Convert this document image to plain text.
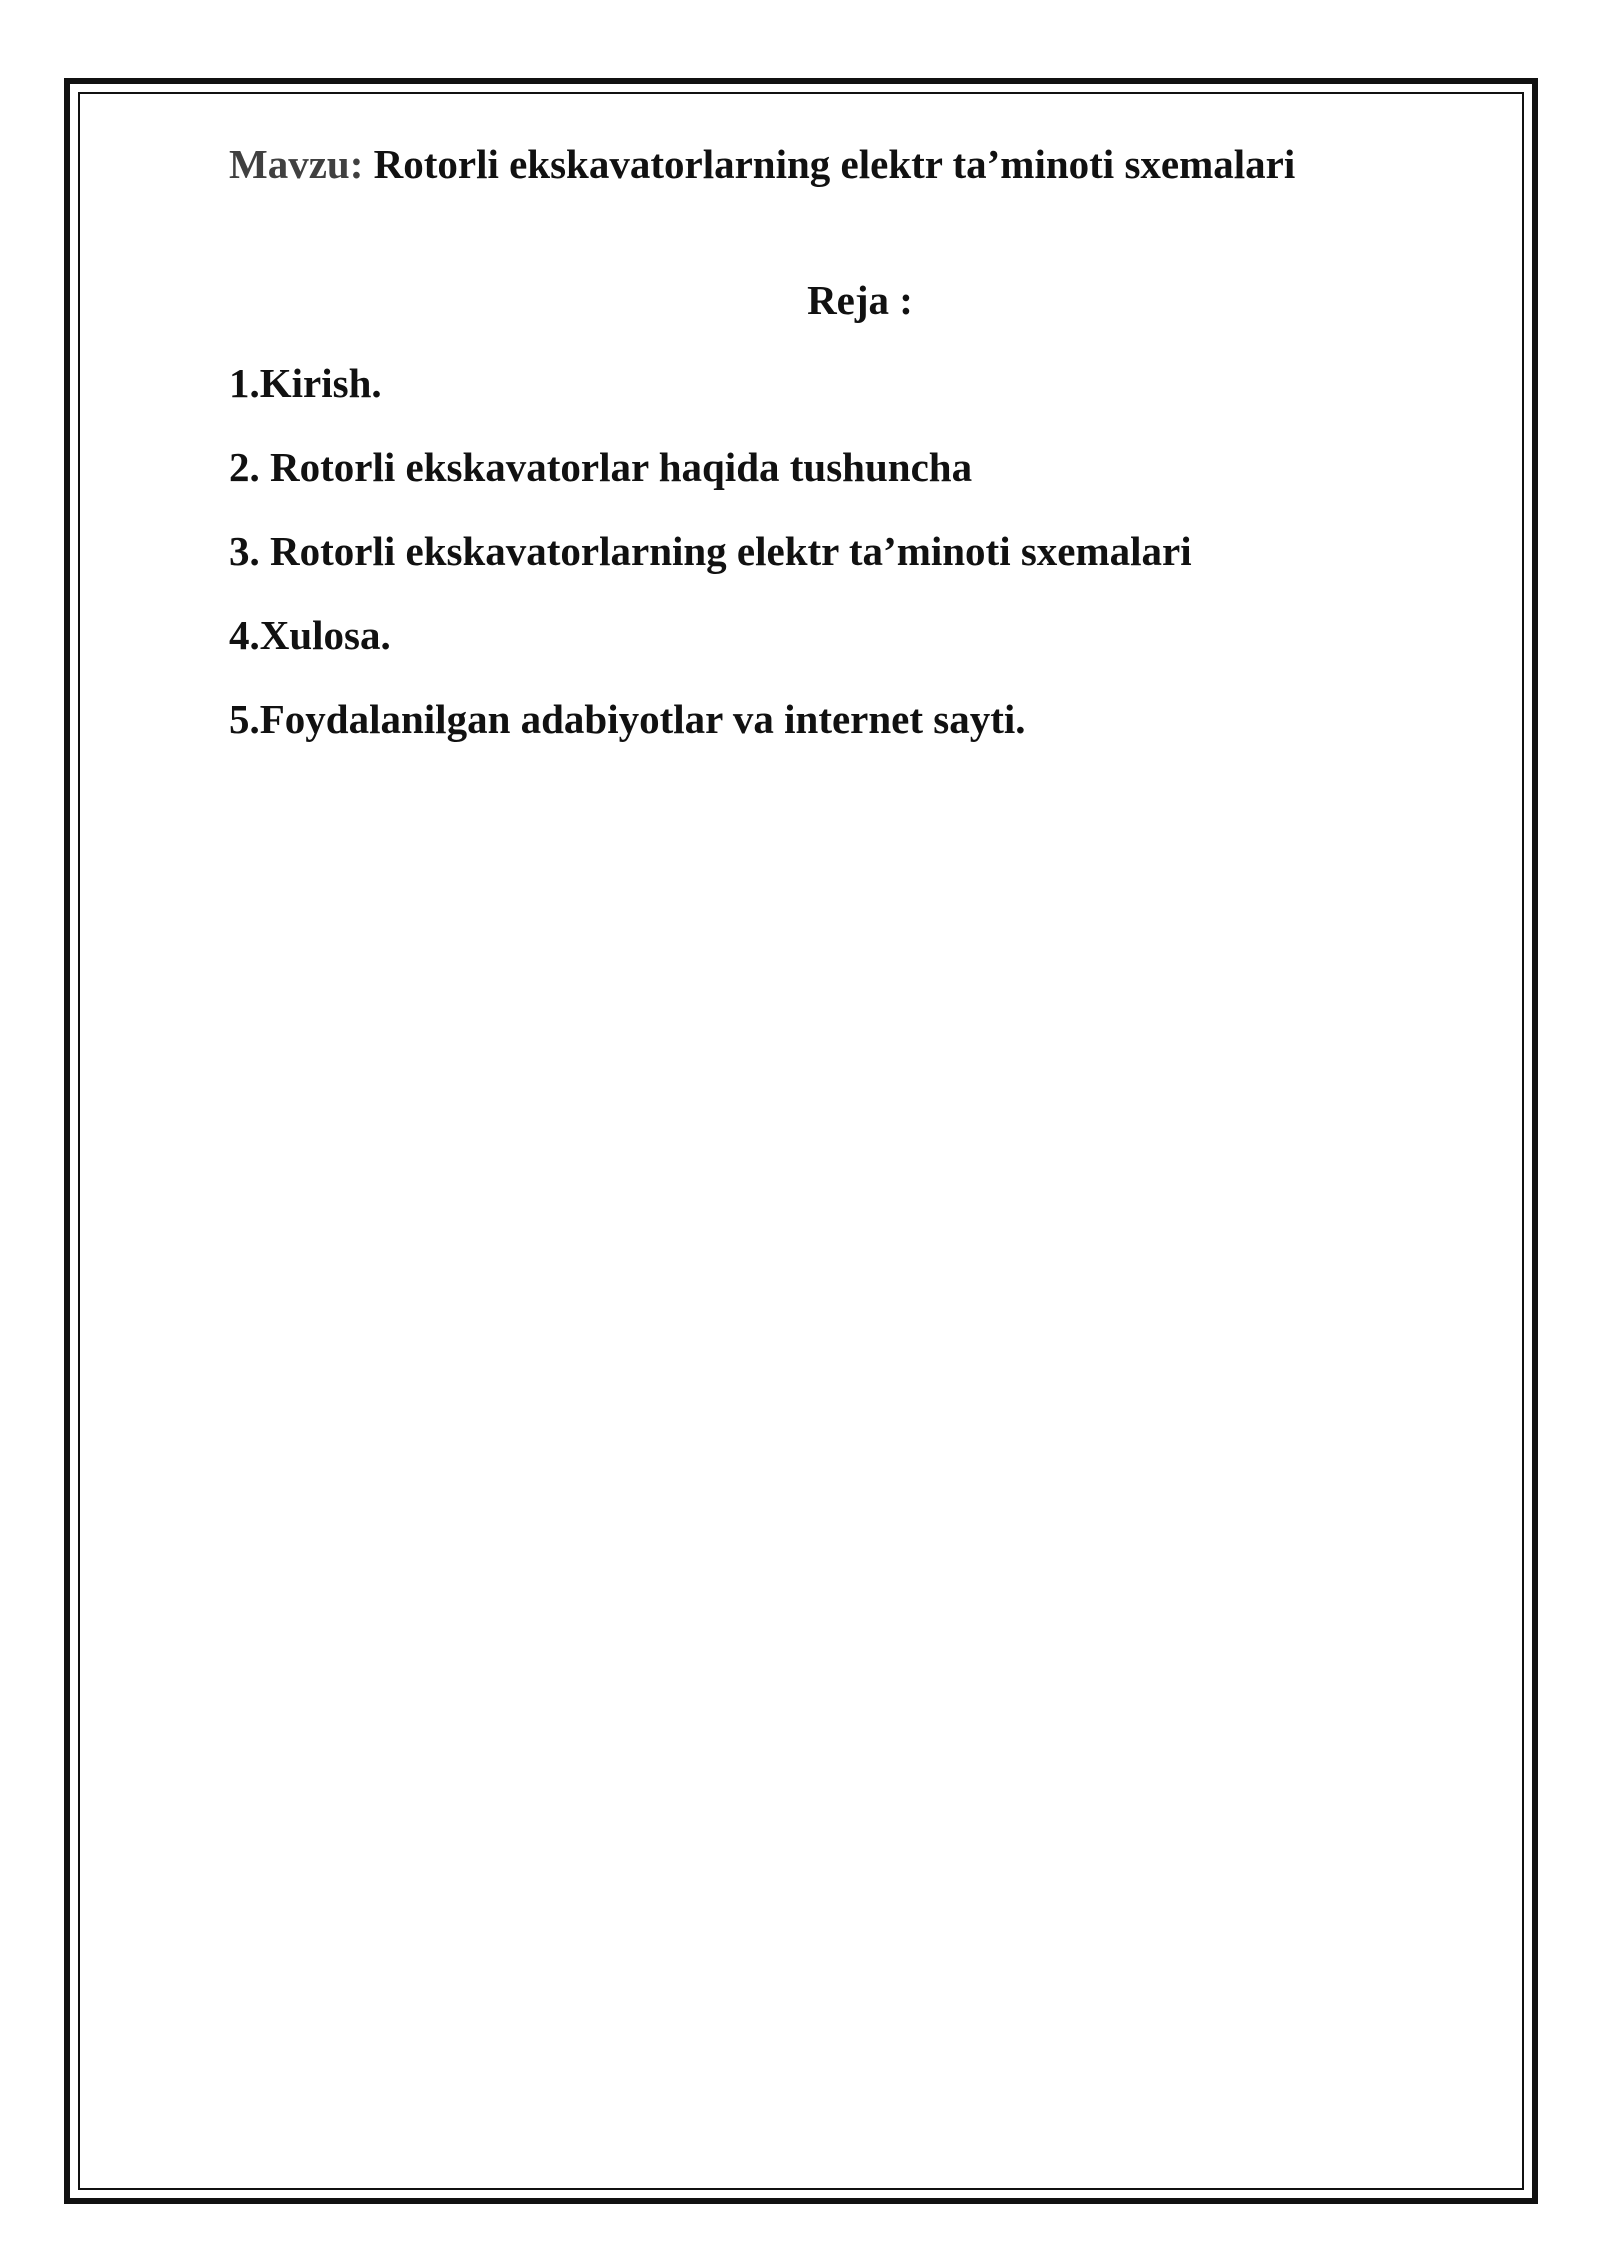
Mavzu: Rotorli ekskavatorlarning elektr ta’minoti sxemalari
Reja :
1.Kirish.
2. Rotorli ekskavatorlar haqida tushuncha
3. Rotorli ekskavatorlarning elektr ta’minoti sxemalari
4.Xulosa.
5.Foydalanilgan adabiyotlar va internet sayti.
